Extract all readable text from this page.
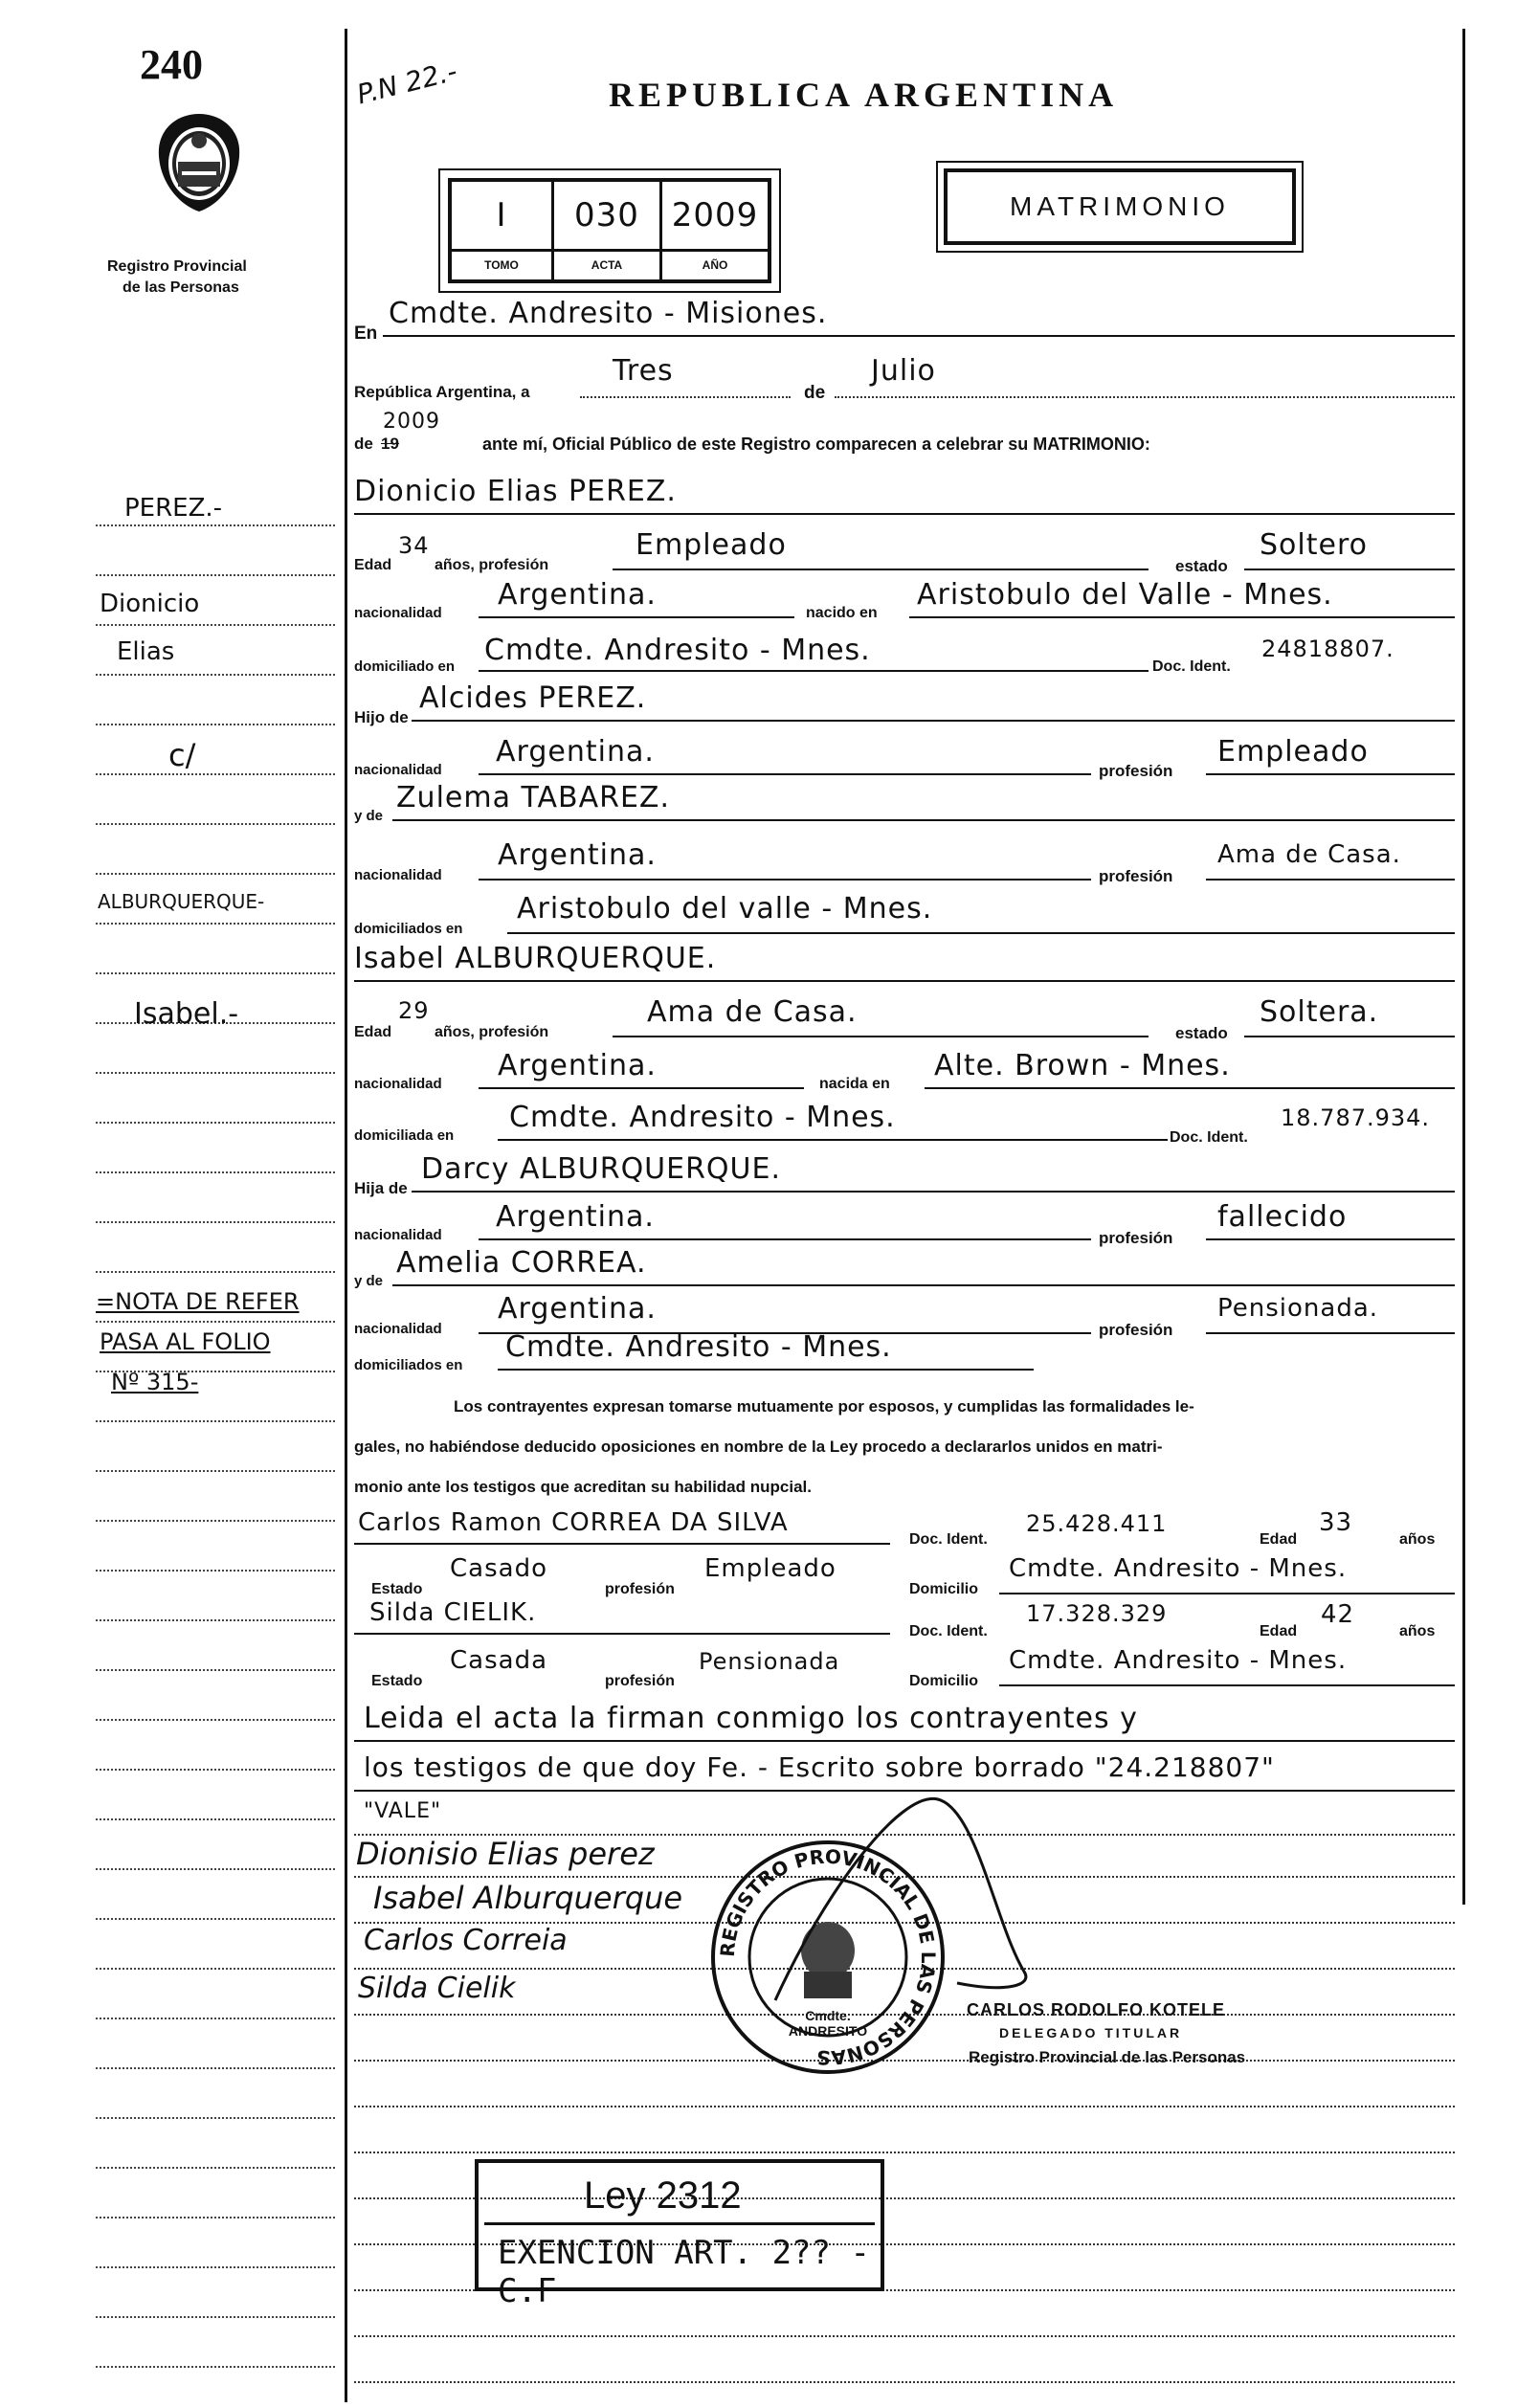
240
Registro Provincial
de las Personas
P.N 22.-	REPUBLICA ARGENTINA
MATRIMONIO
I	030 2009
TOMO	ACTA	AÑO
PEREZ.-
Dionicio
Elias
c/
ALBURQUERQUE-
Isabel.-
=NOTA DE REFER
PASA AL FOLIO
Nº 315-
En
Cmdte. Andresito - Misiones.
República Argentina, a
Tres
de
Julio
de 19
2009
ante mí, Oficial Público de este Registro comparecen a celebrar su MATRIMONIO:
Dionicio Elias PEREZ.
Edad
34
años, profesión
Empleado
estado
Soltero
nacionalidad
Argentina.
nacido en
Aristobulo del Valle - Mnes.
domiciliado en Cmdte. Andresito - Mnes.	Doc. Ident.
24818807.
Hijo de
Alcides PEREZ.
nacionalidad
Argentina.
profesión
Empleado
y de
Zulema TABAREZ.
nacionalidad
Argentina.
profesión
Ama de Casa.
domiciliados en
Aristobulo del valle - Mnes.
Isabel ALBURQUERQUE.
Edad
29
años, profesión
Ama de Casa.
estado
Soltera.
nacionalidad
Argentina.
nacida en
Alte. Brown - Mnes.
domiciliada en
Cmdte. Andresito - Mnes.
Doc. Ident.
18.787.934.
Hija de
Darcy ALBURQUERQUE.
nacionalidad
Argentina.
profesión
fallecido
y de
Amelia CORREA.
nacionalidad
Argentina.
profesión
Pensionada.
domiciliados en
Cmdte. Andresito - Mnes.
Los contrayentes expresan tomarse mutuamente por esposos, y cumplidas las formalidades le-
gales, no habiéndose deducido oposiciones en nombre de la Ley procedo a declararlos unidos en matri-
monio ante los testigos que acreditan su habilidad nupcial.
Carlos Ramon CORREA DA SILVA
Doc. Ident.
25.428.411
Edad
33
años
Estado
Casado
profesión
Empleado
Domicilio
Cmdte. Andresito - Mnes.
Silda CIELIK.
Doc. Ident.
17.328.329
Edad
42
años
Estado
Casada
profesión
Pensionada
Domicilio
Cmdte. Andresito - Mnes.
Leida el acta la firman conmigo los contrayentes y
los testigos de que doy Fe. - Escrito sobre borrado "24.218807"
"VALE"
Dionisio Elias perez
Isabel Alburquerque
Carlos Correia
Silda Cielik
REGISTRO PROVINCIAL DE LAS PERSONAS
Cmdte. ANDRESITO
CARLOS RODOLFO KOTELE
DELEGADO TITULAR
Registro Provincial de las Personas
Ley 2312
EXENCION ART. 2?? - C.F
